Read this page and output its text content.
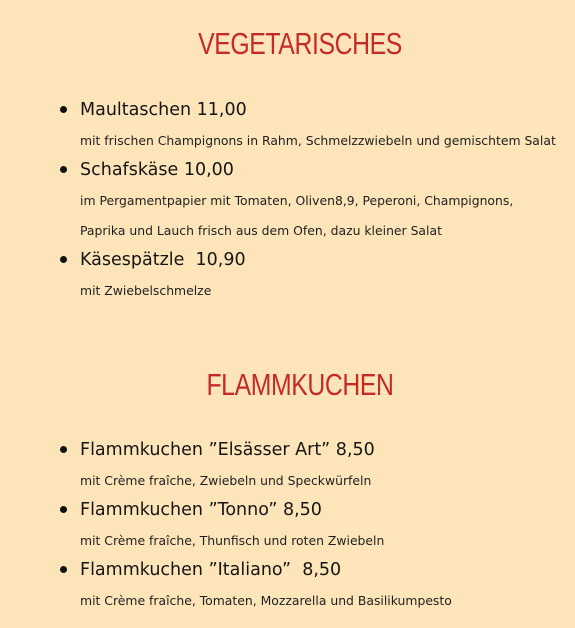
VEGETARISCHES
Maultaschen 11,00
mit frischen Champignons in Rahm, Schmelzzwiebeln und gemischtem Salat
Schafskäse 10,00
im Pergamentpapier mit Tomaten, Oliven8,9, Peperoni, Champignons,
Paprika und Lauch frisch aus dem Ofen, dazu kleiner Salat
Käsespätzle  10,90
mit Zwiebelschmelze
FLAMMKUCHEN
Flammkuchen ”Elsässer Art” 8,50
mit Crème fraîche, Zwiebeln und Speckwürfeln
Flammkuchen ”Tonno” 8,50
mit Crème fraîche, Thunfisch und roten Zwiebeln
Flammkuchen ”Italiano”  8,50
mit Crème fraîche, Tomaten, Mozzarella und Basilikumpesto
